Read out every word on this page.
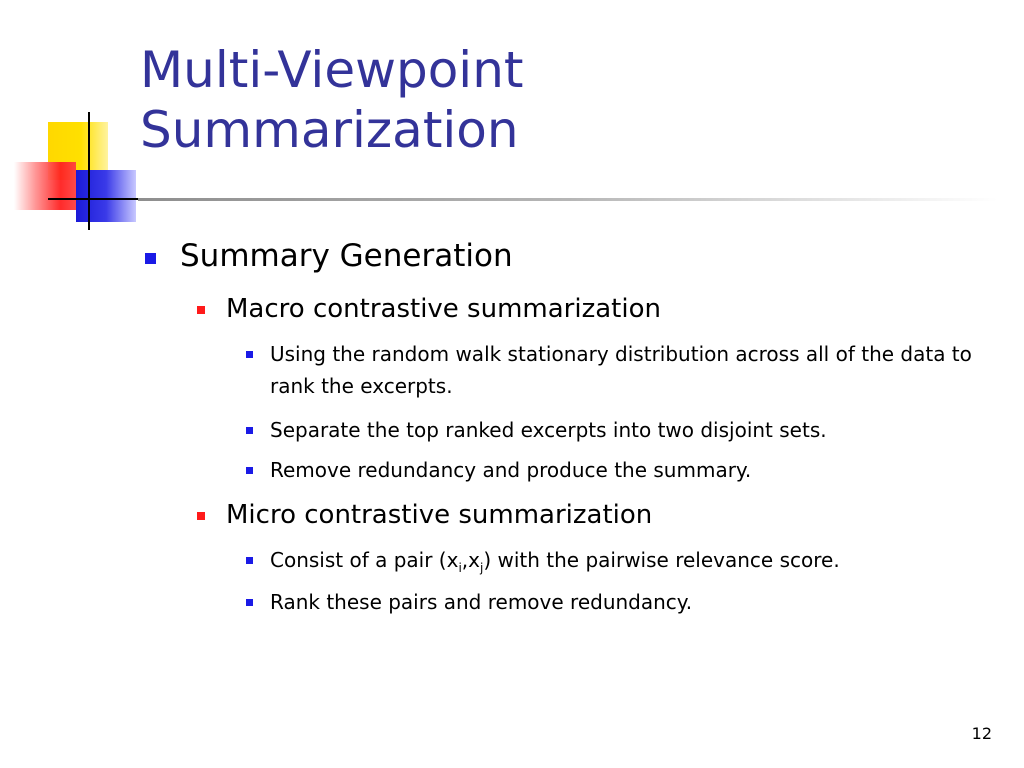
Multi-Viewpoint
Summarization
Summary Generation
Macro contrastive summarization
Using the random walk stationary distribution across all of the data to rank the excerpts.
Separate the top ranked excerpts into two disjoint sets.
Remove redundancy and produce the summary.
Micro contrastive summarization
Consist of a pair $(x_i,x_j)$ with the pairwise relevance score.
Rank these pairs and remove redundancy.
12
